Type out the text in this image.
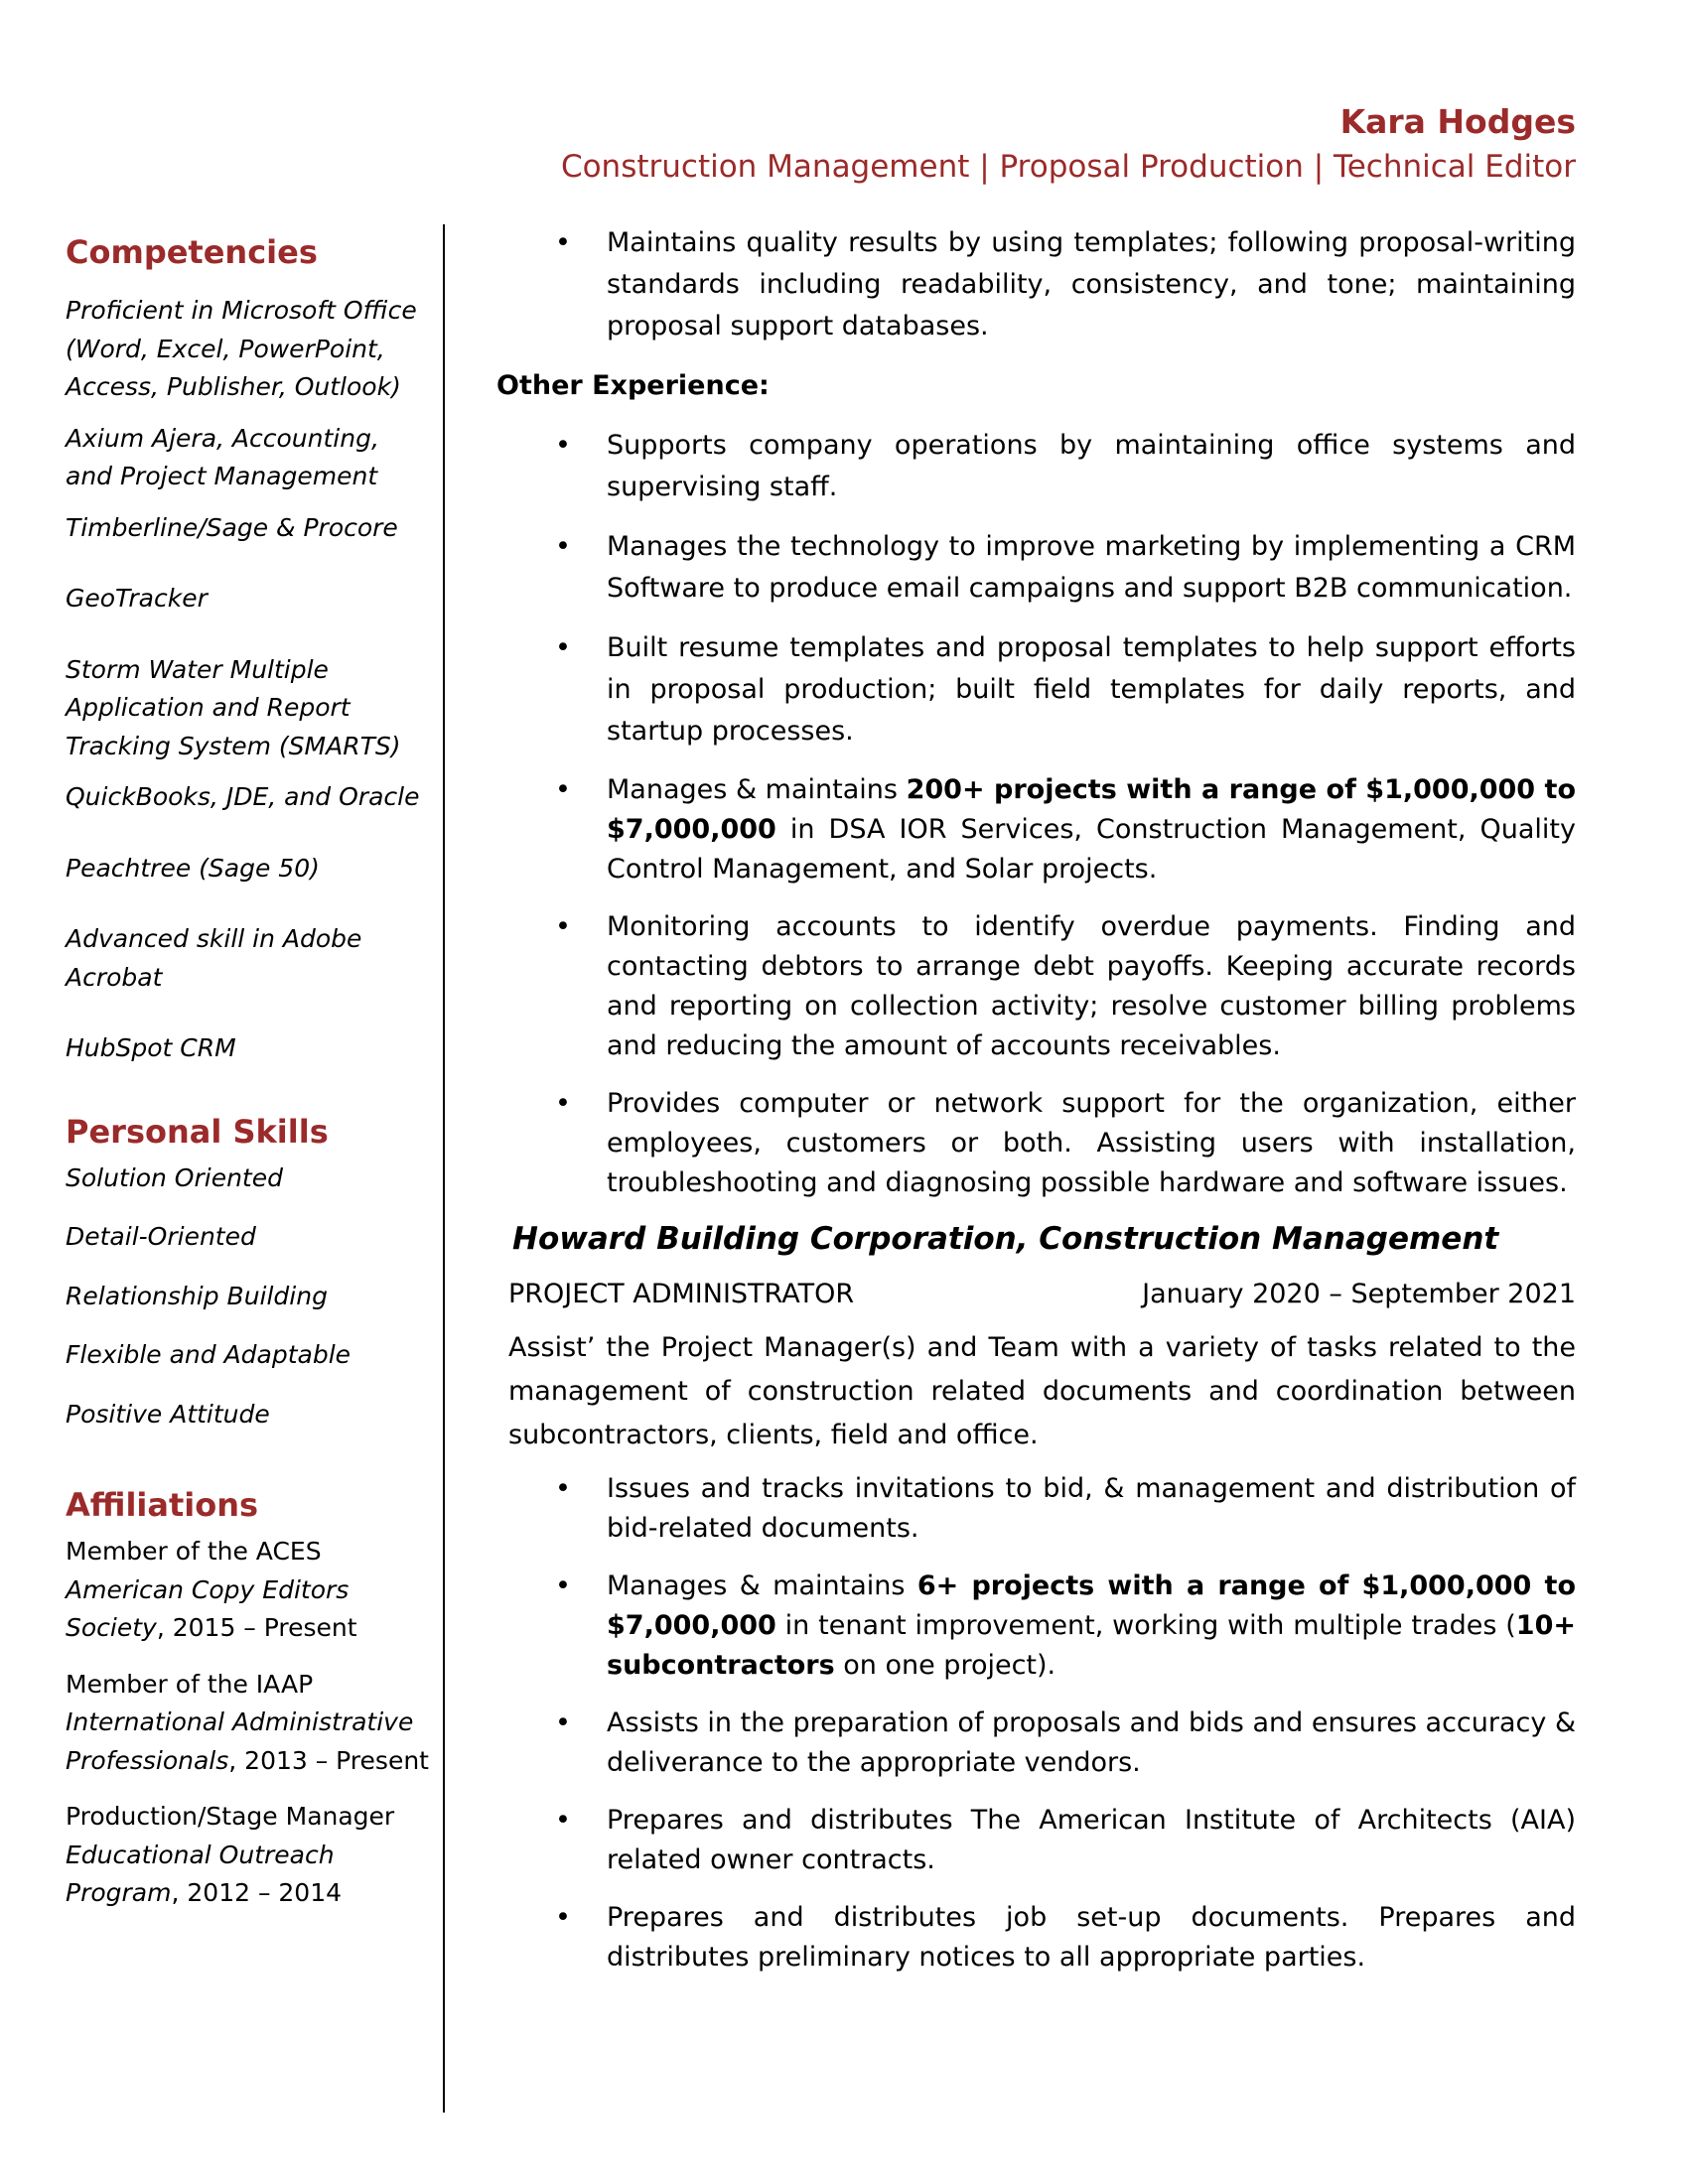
Kara Hodges
Construction Management | Proposal Production | Technical Editor
Competencies
Proficient in Microsoft Office
(Word, Excel, PowerPoint,
Access, Publisher, Outlook)
Axium Ajera, Accounting,
and Project Management
Timberline/Sage & Procore
GeoTracker
Storm Water Multiple
Application and Report
Tracking System (SMARTS)
QuickBooks, JDE, and Oracle
Peachtree (Sage 50)
Advanced skill in Adobe
Acrobat
HubSpot CRM
Personal Skills
Solution Oriented
Detail-Oriented
Relationship Building
Flexible and Adaptable
Positive Attitude
Affiliations
Member of the ACES
American Copy Editors
Society, 2015 – Present
Member of the IAAP
International Administrative
Professionals, 2013 – Present
Production/Stage Manager
Educational Outreach
Program, 2012 – 2014
• Maintains quality results by using templates; following proposal-writing standards including readability, consistency, and tone; maintaining proposal support databases.
Other Experience:
• Supports company operations by maintaining office systems and supervising staff.
• Manages the technology to improve marketing by implementing a CRM Software to produce email campaigns and support B2B communication.
• Built resume templates and proposal templates to help support efforts in proposal production; built field templates for daily reports, and startup processes.
• Manages & maintains 200+ projects with a range of $1,000,000 to $7,000,000 in DSA IOR Services, Construction Management, Quality Control Management, and Solar projects.
• Monitoring accounts to identify overdue payments. Finding and contacting debtors to arrange debt payoffs. Keeping accurate records and reporting on collection activity; resolve customer billing problems and reducing the amount of accounts receivables.
• Provides computer or network support for the organization, either employees, customers or both. Assisting users with installation, troubleshooting and diagnosing possible hardware and software issues.
Howard Building Corporation, Construction Management
PROJECT ADMINISTRATOR	January 2020 – September 2021
Assist’ the Project Manager(s) and Team with a variety of tasks related to the management of construction related documents and coordination between subcontractors, clients, field and office.
• Issues and tracks invitations to bid, & management and distribution of bid-related documents.
• Manages & maintains 6+ projects with a range of $1,000,000 to $7,000,000 in tenant improvement, working with multiple trades (10+ subcontractors on one project).
• Assists in the preparation of proposals and bids and ensures accuracy & deliverance to the appropriate vendors.
• Prepares and distributes The American Institute of Architects (AIA) related owner contracts.
• Prepares and distributes job set-up documents. Prepares and distributes preliminary notices to all appropriate parties.
